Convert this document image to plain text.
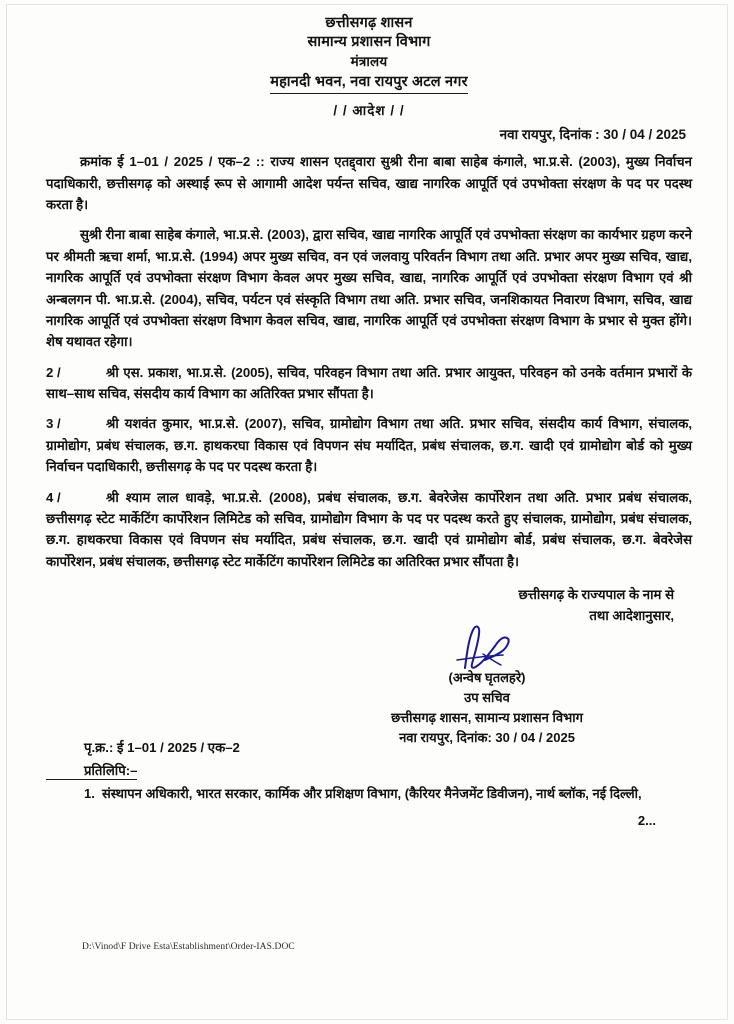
छत्तीसगढ़ शासन
सामान्य प्रशासन विभाग
मंत्रालय
महानदी भवन, नवा रायपुर अटल नगर
/ / आदेश / /
नवा रायपुर, दिनांक : 30 / 04 / 2025

क्रमांक ई 1–01 / 2025 / एक–2 :: राज्य शासन एतद्द्वारा सुश्री रीना बाबा साहेब कंगाले, भा.प्र.से. (2003), मुख्य निर्वाचन पदाधिकारी, छत्तीसगढ़ को अस्थाई रूप से आगामी आदेश पर्यन्त सचिव, खाद्य नागरिक आपूर्ति एवं उपभोक्ता संरक्षण के पद पर पदस्थ करता है।

सुश्री रीना बाबा साहेब कंगाले, भा.प्र.से. (2003), द्वारा सचिव, खाद्य नागरिक आपूर्ति एवं उपभोक्ता संरक्षण का कार्यभार ग्रहण करने पर श्रीमती ऋचा शर्मा, भा.प्र.से. (1994) अपर मुख्य सचिव, वन एवं जलवायु परिवर्तन विभाग तथा अति. प्रभार अपर मुख्य सचिव, खाद्य, नागरिक आपूर्ति एवं उपभोक्ता संरक्षण विभाग केवल अपर मुख्य सचिव, खाद्य, नागरिक आपूर्ति एवं उपभोक्ता संरक्षण विभाग एवं श्री अन्बलगन पी. भा.प्र.से. (2004), सचिव, पर्यटन एवं संस्कृति विभाग तथा अति. प्रभार सचिव, जनशिकायत निवारण विभाग, सचिव, खाद्य नागरिक आपूर्ति एवं उपभोक्ता संरक्षण विभाग केवल सचिव, खाद्य, नागरिक आपूर्ति एवं उपभोक्ता संरक्षण विभाग के प्रभार से मुक्त होंगे। शेष यथावत रहेगा।

2 /	श्री एस. प्रकाश, भा.प्र.से. (2005), सचिव, परिवहन विभाग तथा अति. प्रभार आयुक्त, परिवहन को उनके वर्तमान प्रभारों के साथ–साथ सचिव, संसदीय कार्य विभाग का अतिरिक्त प्रभार सौंपता है।

3 /	श्री यशवंत कुमार, भा.प्र.से. (2007), सचिव, ग्रामोद्योग विभाग तथा अति. प्रभार सचिव, संसदीय कार्य विभाग, संचालक, ग्रामोद्योग, प्रबंध संचालक, छ.ग. हाथकरघा विकास एवं विपणन संघ मर्यादित, प्रबंध संचालक, छ.ग. खादी एवं ग्रामोद्योग बोर्ड को मुख्य निर्वाचन पदाधिकारी, छत्तीसगढ़ के पद पर पदस्थ करता है।

4 /	श्री श्याम लाल धावड़े, भा.प्र.से. (2008), प्रबंध संचालक, छ.ग. बेवरेजेस कार्पोरेशन तथा अति. प्रभार प्रबंध संचालक, छत्तीसगढ़ स्टेट मार्केटिंग कार्पोरेशन लिमिटेड को सचिव, ग्रामोद्योग विभाग के पद पर पदस्थ करते हुए संचालक, ग्रामोद्योग, प्रबंध संचालक, छ.ग. हाथकरघा विकास एवं विपणन संघ मर्यादित, प्रबंध संचालक, छ.ग. खादी एवं ग्रामोद्योग बोर्ड, प्रबंध संचालक, छ.ग. बेवरेजेस कार्पोरेशन, प्रबंध संचालक, छत्तीसगढ़ स्टेट मार्केटिंग कार्पोरेशन लिमिटेड का अतिरिक्त प्रभार सौंपता है।

छत्तीसगढ़ के राज्यपाल के नाम से
तथा आदेशानुसार,
(अन्वेष घृतलहरे)
उप सचिव
छत्तीसगढ़ शासन, सामान्य प्रशासन विभाग
नवा रायपुर, दिनांक: 30 / 04 / 2025
पृ.क्र.: ई 1–01 / 2025 / एक–2
प्रतिलिपि:–
1. संस्थापन अधिकारी, भारत सरकार, कार्मिक और प्रशिक्षण विभाग, (कैरियर मैनेजमेंट डिवीजन), नार्थ ब्लॉक, नई दिल्ली,
2...
D:\Vinod\F Drive Esta\Establishment\Order-IAS.DOC
